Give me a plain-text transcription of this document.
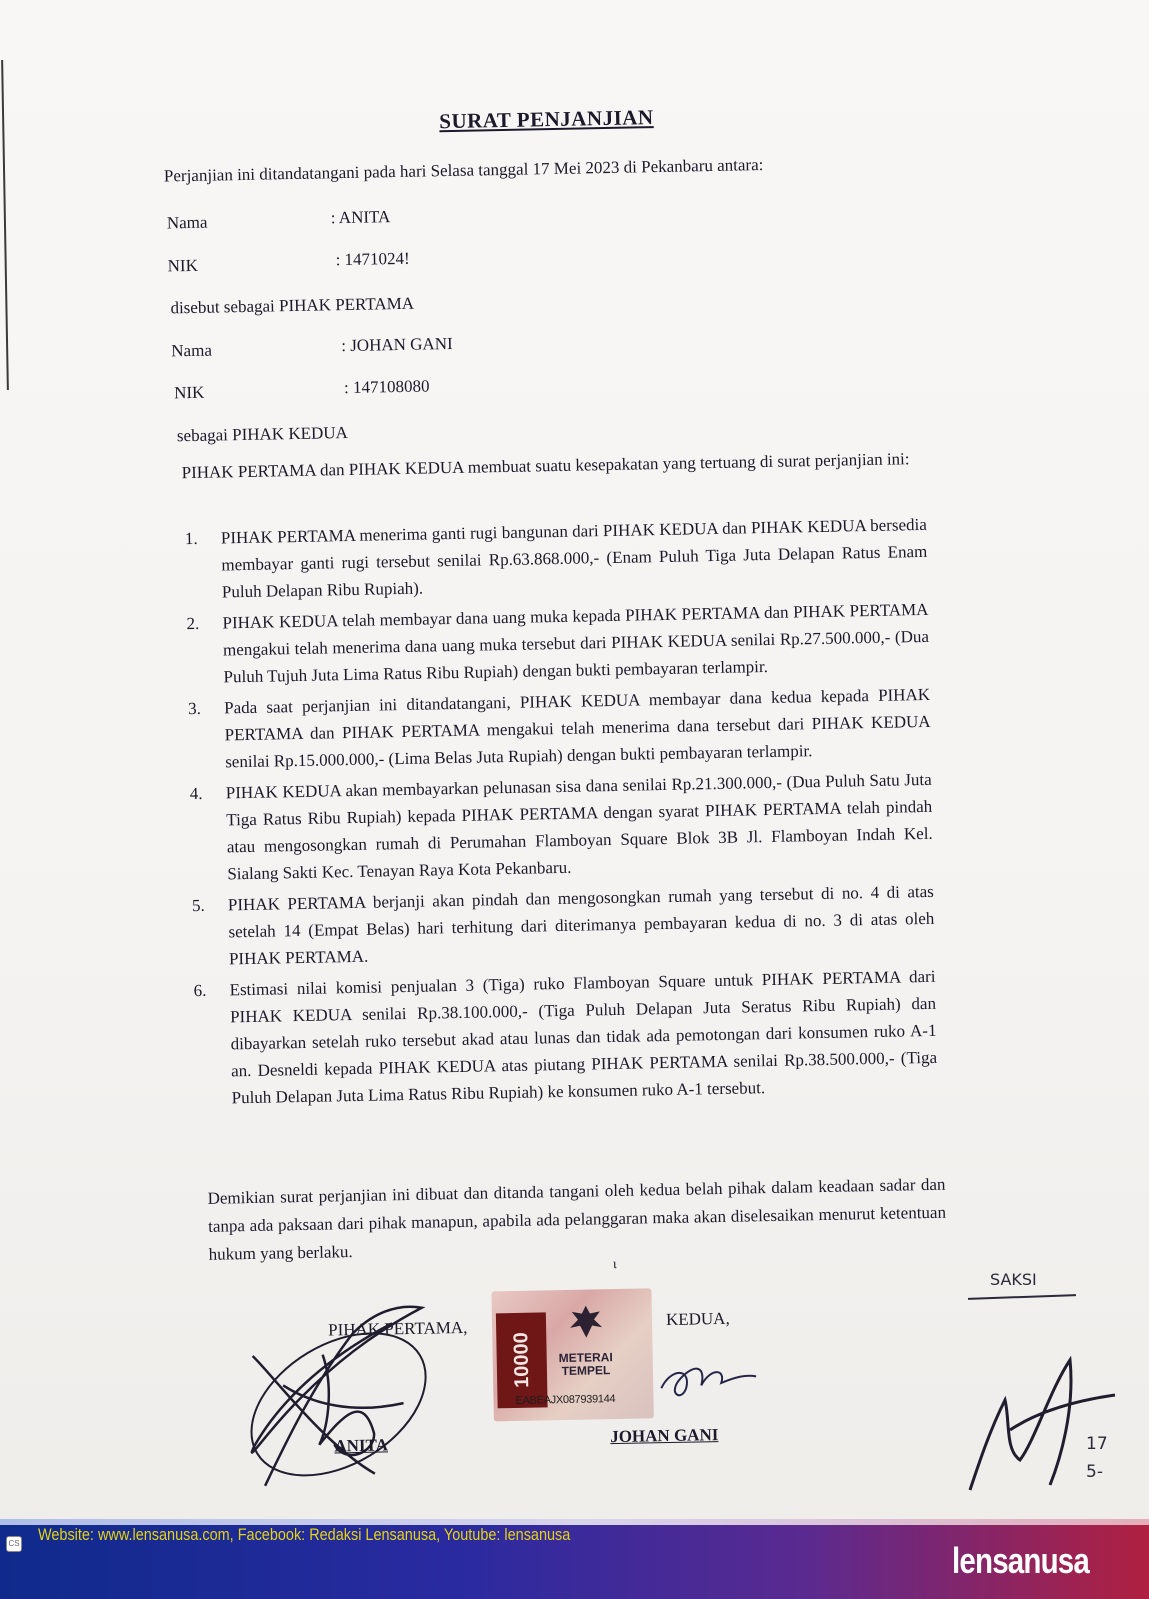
SURAT PENJANJIAN
Perjanjian ini ditandatangani pada hari Selasa tanggal 17 Mei 2023 di Pekanbaru antara:
Nama	: ANITA
NIK	: 1471024!
disebut sebagai PIHAK PERTAMA
Nama	: JOHAN GANI
NIK	: 147108080
sebagai PIHAK KEDUA
PIHAK PERTAMA dan PIHAK KEDUA membuat suatu kesepakatan yang tertuang di surat perjanjian ini:
1. PIHAK PERTAMA menerima ganti rugi bangunan dari PIHAK KEDUA dan PIHAK KEDUA bersedia membayar ganti rugi tersebut senilai Rp.63.868.000,- (Enam Puluh Tiga Juta Delapan Ratus Enam Puluh Delapan Ribu Rupiah).
2. PIHAK KEDUA telah membayar dana uang muka kepada PIHAK PERTAMA dan PIHAK PERTAMA mengakui telah menerima dana uang muka tersebut dari PIHAK KEDUA senilai Rp.27.500.000,- (Dua Puluh Tujuh Juta Lima Ratus Ribu Rupiah) dengan bukti pembayaran terlampir.
3. Pada saat perjanjian ini ditandatangani, PIHAK KEDUA membayar dana kedua kepada PIHAK PERTAMA dan PIHAK PERTAMA mengakui telah menerima dana tersebut dari PIHAK KEDUA senilai Rp.15.000.000,- (Lima Belas Juta Rupiah) dengan bukti pembayaran terlampir.
4. PIHAK KEDUA akan membayarkan pelunasan sisa dana senilai Rp.21.300.000,- (Dua Puluh Satu Juta Tiga Ratus Ribu Rupiah) kepada PIHAK PERTAMA dengan syarat PIHAK PERTAMA telah pindah atau mengosongkan rumah di Perumahan Flamboyan Square Blok 3B Jl. Flamboyan Indah Kel. Sialang Sakti Kec. Tenayan Raya Kota Pekanbaru.
5. PIHAK PERTAMA berjanji akan pindah dan mengosongkan rumah yang tersebut di no. 4 di atas setelah 14 (Empat Belas) hari terhitung dari diterimanya pembayaran kedua di no. 3 di atas oleh PIHAK PERTAMA.
6. Estimasi nilai komisi penjualan 3 (Tiga) ruko Flamboyan Square untuk PIHAK PERTAMA dari PIHAK KEDUA senilai Rp.38.100.000,- (Tiga Puluh Delapan Juta Seratus Ribu Rupiah) dan dibayarkan setelah ruko tersebut akad atau lunas dan tidak ada pemotongan dari konsumen ruko A-1 an. Desneldi kepada PIHAK KEDUA atas piutang PIHAK PERTAMA senilai Rp.38.500.000,- (Tiga Puluh Delapan Juta Lima Ratus Ribu Rupiah) ke konsumen ruko A-1 tersebut.
Demikian surat perjanjian ini dibuat dan ditanda tangani oleh kedua belah pihak dalam keadaan sadar dan tanpa ada paksaan dari pihak manapun, apabila ada pelanggaran maka akan diselesaikan menurut ketentuan hukum yang berlaku.
ι
PIHAK PERTAMA,
ANITA
10000	METERAI
TEMPEL
EABEAJX087939144
KEDUA,
JOHAN GANI
SAKSI
17
5-
Website: www.lensanusa.com, Facebook: Redaksi Lensanusa, Youtube: lensanusa
lensanusa
CS
